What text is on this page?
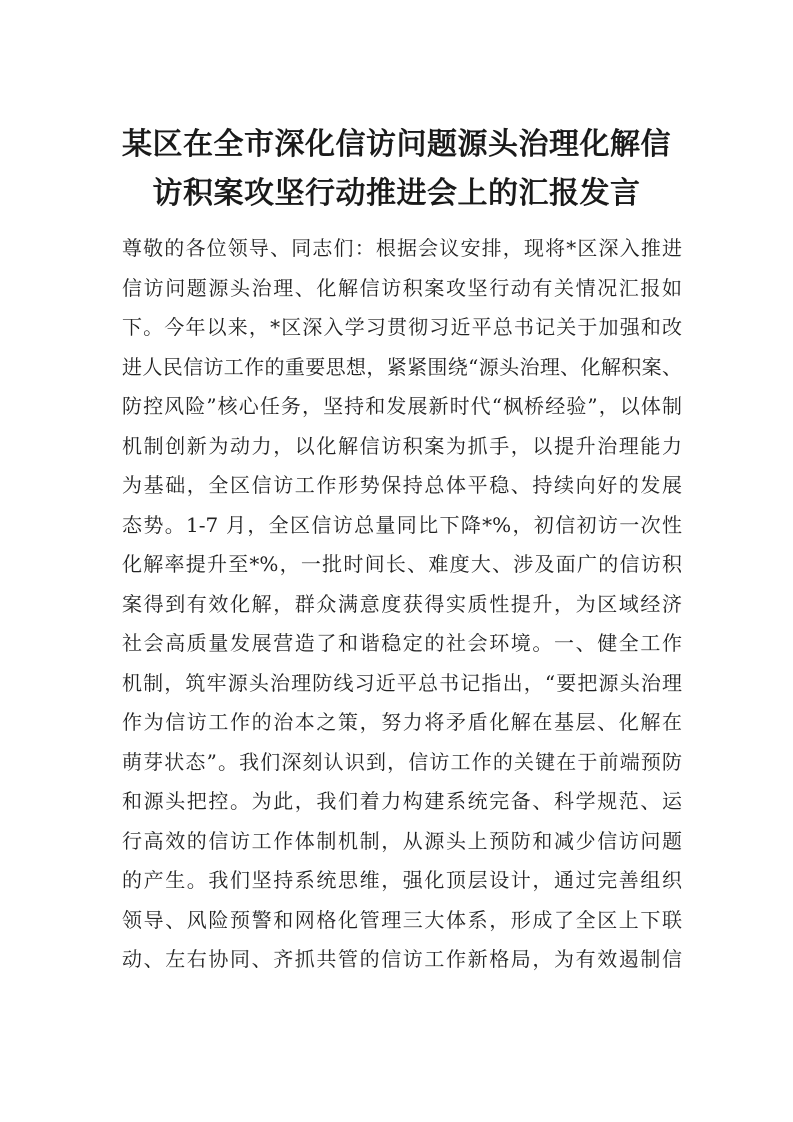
某区在全市深化信访问题源头治理化解信
访积案攻坚行动推进会上的汇报发言
尊敬的各位领导、同志们：根据会议安排，现将*区深入推进
信访问题源头治理、化解信访积案攻坚行动有关情况汇报如
下。今年以来，*区深入学习贯彻习近平总书记关于加强和改
进人民信访工作的重要思想，紧紧围绕“源头治理、化解积案、
防控风险”核心任务，坚持和发展新时代“枫桥经验”，以体制
机制创新为动力，以化解信访积案为抓手，以提升治理能力
为基础，全区信访工作形势保持总体平稳、持续向好的发展
态势。1-7 月，全区信访总量同比下降*%，初信初访一次性
化解率提升至*%，一批时间长、难度大、涉及面广的信访积
案得到有效化解，群众满意度获得实质性提升，为区域经济
社会高质量发展营造了和谐稳定的社会环境。一、健全工作
机制，筑牢源头治理防线习近平总书记指出，“要把源头治理
作为信访工作的治本之策，努力将矛盾化解在基层、化解在
萌芽状态”。我们深刻认识到，信访工作的关键在于前端预防
和源头把控。为此，我们着力构建系统完备、科学规范、运
行高效的信访工作体制机制，从源头上预防和减少信访问题
的产生。我们坚持系统思维，强化顶层设计，通过完善组织
领导、风险预警和网格化管理三大体系，形成了全区上下联
动、左右协同、齐抓共管的信访工作新格局，为有效遏制信
